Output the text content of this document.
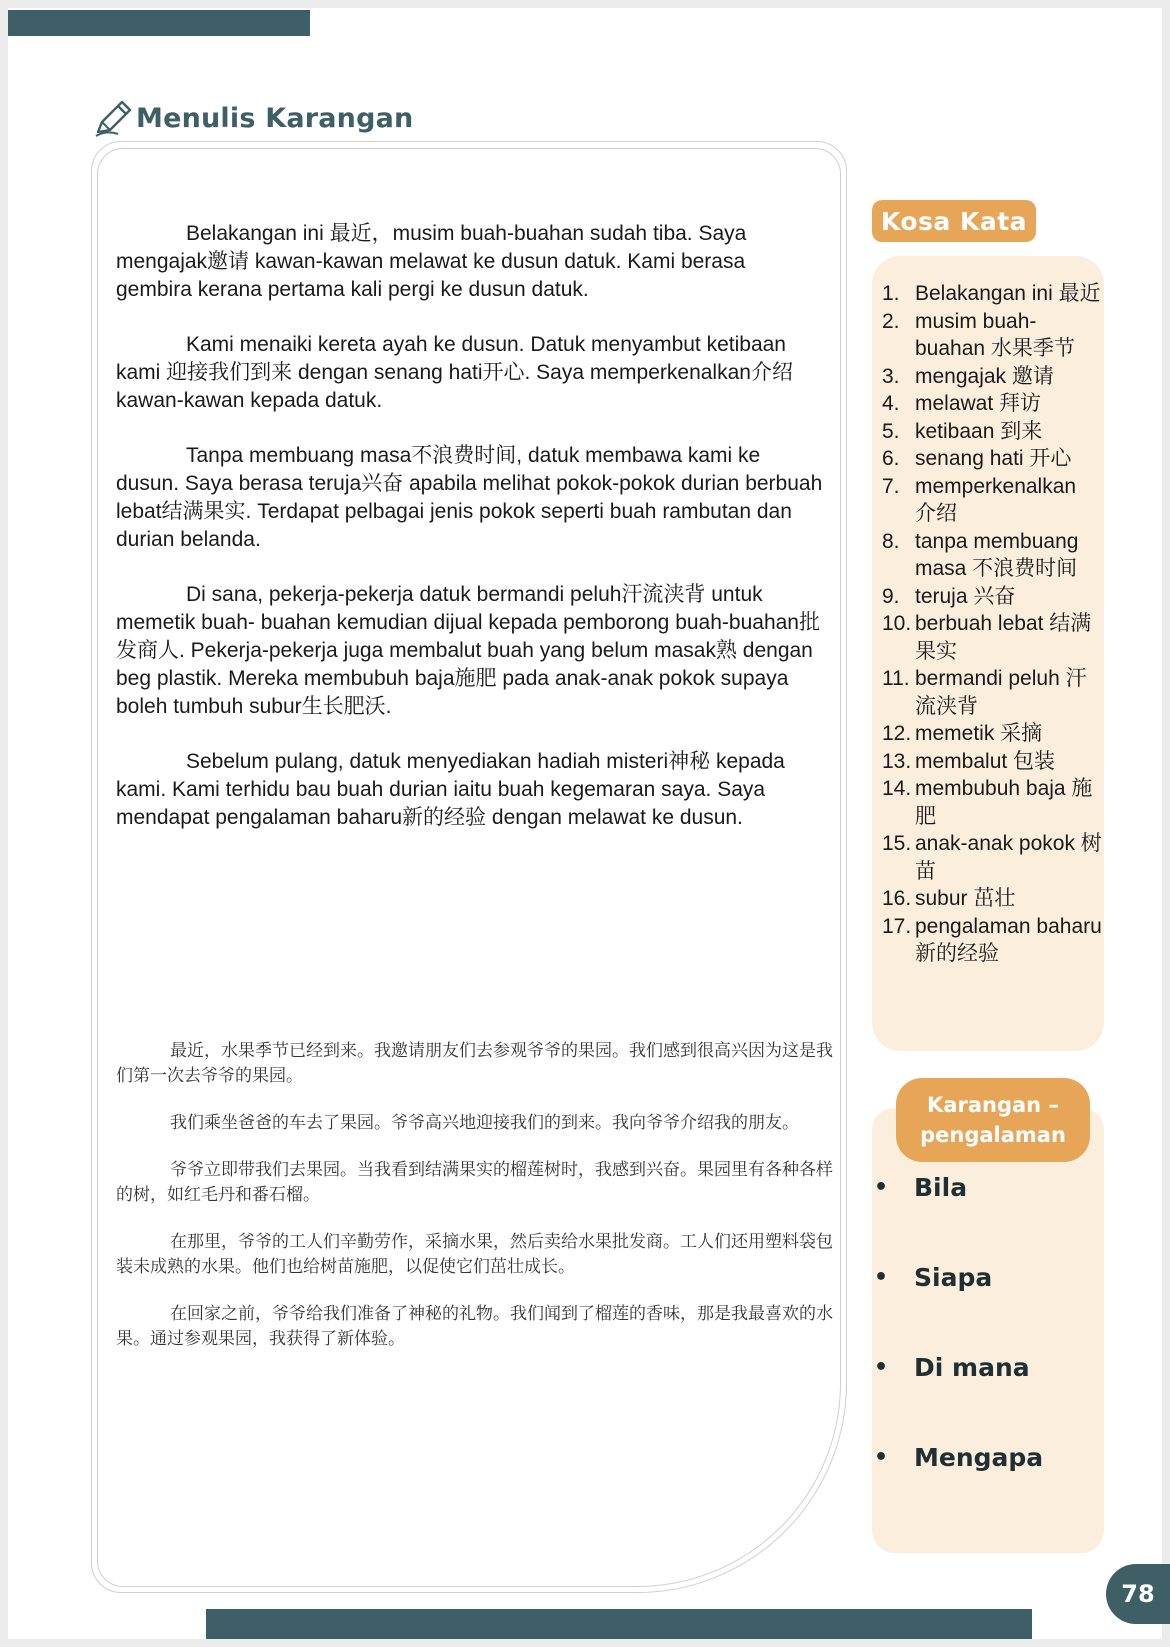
Menulis Karangan

Belakangan ini 最近，musim buah-buahan sudah tiba. Saya mengajak邀请 kawan-kawan melawat ke dusun datuk. Kami berasa gembira kerana pertama kali pergi ke dusun datuk.

Kami menaiki kereta ayah ke dusun. Datuk menyambut ketibaan kami 迎接我们到来 dengan senang hati开心. Saya memperkenalkan介绍 kawan-kawan kepada datuk.

Tanpa membuang masa不浪费时间, datuk membawa kami ke dusun. Saya berasa teruja兴奋 apabila melihat pokok-pokok durian berbuah lebat结满果实. Terdapat pelbagai jenis pokok seperti buah rambutan dan durian belanda.

Di sana, pekerja-pekerja datuk bermandi peluh汗流浃背 untuk memetik buah- buahan kemudian dijual kepada pemborong buah-buahan批发商人. Pekerja-pekerja juga membalut buah yang belum masak熟 dengan beg plastik. Mereka membubuh baja施肥 pada anak-anak pokok supaya boleh tumbuh subur生长肥沃.

Sebelum pulang, datuk menyediakan hadiah misteri神秘 kepada kami. Kami terhidu bau buah durian iaitu buah kegemaran saya. Saya mendapat pengalaman baharu新的经验 dengan melawat ke dusun.

最近，水果季节已经到来。我邀请朋友们去参观爷爷的果园。我们感到很高兴因为这是我们第一次去爷爷的果园。

我们乘坐爸爸的车去了果园。爷爷高兴地迎接我们的到来。我向爷爷介绍我的朋友。

爷爷立即带我们去果园。当我看到结满果实的榴莲树时，我感到兴奋。果园里有各种各样的树，如红毛丹和番石榴。

在那里，爷爷的工人们辛勤劳作，采摘水果，然后卖给水果批发商。工人们还用塑料袋包装未成熟的水果。他们也给树苗施肥，以促使它们茁壮成长。

在回家之前，爷爷给我们准备了神秘的礼物。我们闻到了榴莲的香味，那是我最喜欢的水果。通过参观果园，我获得了新体验。

Kosa Kata
1. Belakangan ini 最近
2. musim buah-buahan 水果季节
3. mengajak 邀请
4. melawat 拜访
5. ketibaan 到来
6. senang hati 开心
7. memperkenalkan 介绍
8. tanpa membuang masa 不浪费时间
9. teruja 兴奋
10. berbuah lebat 结满果实
11. bermandi peluh 汗流浃背
12. memetik 采摘
13. membalut 包装
14. membubuh baja 施肥
15. anak-anak pokok 树苗
16. subur 茁壮
17. pengalaman baharu 新的经验
Karangan –
pengalaman
•	Bila
•	Siapa
•	Di mana
•	Mengapa
78
